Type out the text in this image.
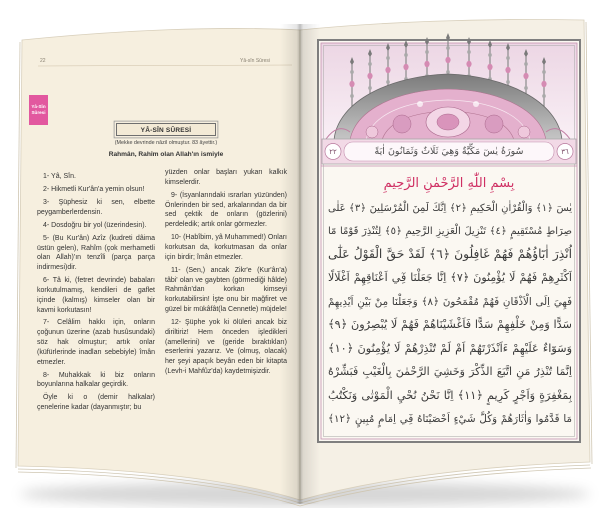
22	Yâ-sîn Sûresi
Yâ-Sîn
Sûresi
YÂ-SÎN SÛRESİ
(Mekke devrinde nâzil olmuştur. 83 âyettir.)
Rahmân, Rahîm olan Allah'ın ismiyle

1- Yâ, Sîn.

2- Hikmetli Kur'ân'a yemin olsun!

3- Şüphesiz ki sen, elbette peygamberlerdensin.

4- Dosdoğru bir yol (üzerindesin).

5- (Bu Kur'ân) Azîz (kudreti dâima üstün gelen), Rahîm (çok merhametli olan Allah)'ın tenzîli (parça parça indirmesi)dir.

6- Tâ ki, (fetret devrinde) babaları korkutulmamış, kendileri de gaflet içinde (kalmış) kimseler olan bir kavmi korkutasın!

7- Celâlim hakkı için, onların çoğunun üzerine (azab husûsundaki) söz hak olmuştur; artık onlar (küfürlerinde inadları sebebiyle) îmân etmezler.

8- Muhakkak ki biz onların boyunlarına halkalar geçirdik.

Öyle ki o (demir halkalar) çenelerine kadar (dayanmıştır; bu

yüzden onlar başları yukarı kalkık kimselerdir.

9- (İsyanlarındaki ısrarları yüzünden) Önlerinden bir sed, arkalarından da bir sed çektik de onların (gözlerini) perdeledik; artık onlar görmezler.

10- (Habîbim, yâ Muhammed!) Onları korkutsan da, korkutmasan da onlar için birdir; îmân etmezler.

11- (Sen,) ancak Zikr'e (Kur'ân'a) tâbi' olan ve gaybten (görmediği hâlde) Rahmân'dan korkan kimseyi korkutabilirsin! İşte onu bir mağfiret ve güzel bir mükâfât(la Cennetle) müjdele!

12- Şüphe yok ki ölüleri ancak biz diriltiriz! Hem önceden işledikleri (amellerini) ve (geride bıraktıkları) eserlerini yazarız. Ve (olmuş, olacak) her şeyi apaçık beyân eden bir kitapta (Levh-i Mahfûz'da) kaydetmişizdir.

سُورَةُ يٰسٓ مَكِّيَّةٌ وَهِيَ ثَلَاثٌ وَثَمَانُونَ اٰيَةً
٢٢	٣٦
بِسْمِ اللّٰهِ الرَّحْمٰنِ الرَّحِيمِ
يٰسٓ ﴿١﴾ وَالْقُرْاٰنِ الْحَكِيمِ ﴿٢﴾ اِنَّكَ لَمِنَ الْمُرْسَلِينَ ﴿٣﴾ عَلٰى
صِرَاطٍ مُسْتَقِيمٍ ﴿٤﴾ تَنْزِيلَ الْعَزِيزِ الرَّحِيمِ ﴿٥﴾ لِتُنْذِرَ قَوْمًا مَٓا
اُنْذِرَ اٰبَٓاؤُهُمْ فَهُمْ غَافِلُونَ ﴿٦﴾ لَقَدْ حَقَّ الْقَوْلُ عَلٰٓى
اَكْثَرِهِمْ فَهُمْ لَا يُؤْمِنُونَ ﴿٧﴾ اِنَّا جَعَلْنَا فِٓي اَعْنَاقِهِمْ اَغْلَالًا
فَهِيَ اِلَى الْاَذْقَانِ فَهُمْ مُقْمَحُونَ ﴿٨﴾ وَجَعَلْنَا مِنْ بَيْنِ اَيْدِيهِمْ
سَدًّا وَمِنْ خَلْفِهِمْ سَدًّا فَاَغْشَيْنَاهُمْ فَهُمْ لَا يُبْصِرُونَ ﴿٩﴾
وَسَوَٓاءٌ عَلَيْهِمْ ءَاَنْذَرْتَهُمْ اَمْ لَمْ تُنْذِرْهُمْ لَا يُؤْمِنُونَ ﴿١٠﴾
اِنَّمَا تُنْذِرُ مَنِ اتَّبَعَ الذِّكْرَ وَخَشِيَ الرَّحْمٰنَ بِالْغَيْبِ فَبَشِّرْهُ
بِمَغْفِرَةٍ وَاَجْرٍ كَرِيمٍ ﴿١١﴾ اِنَّا نَحْنُ نُحْيِ الْمَوْتٰى وَنَكْتُبُ
مَا قَدَّمُوا وَاٰثَارَهُمْ وَكُلَّ شَيْءٍ اَحْصَيْنَاهُ فِٓي اِمَامٍ مُبِينٍ ﴿١٢﴾
